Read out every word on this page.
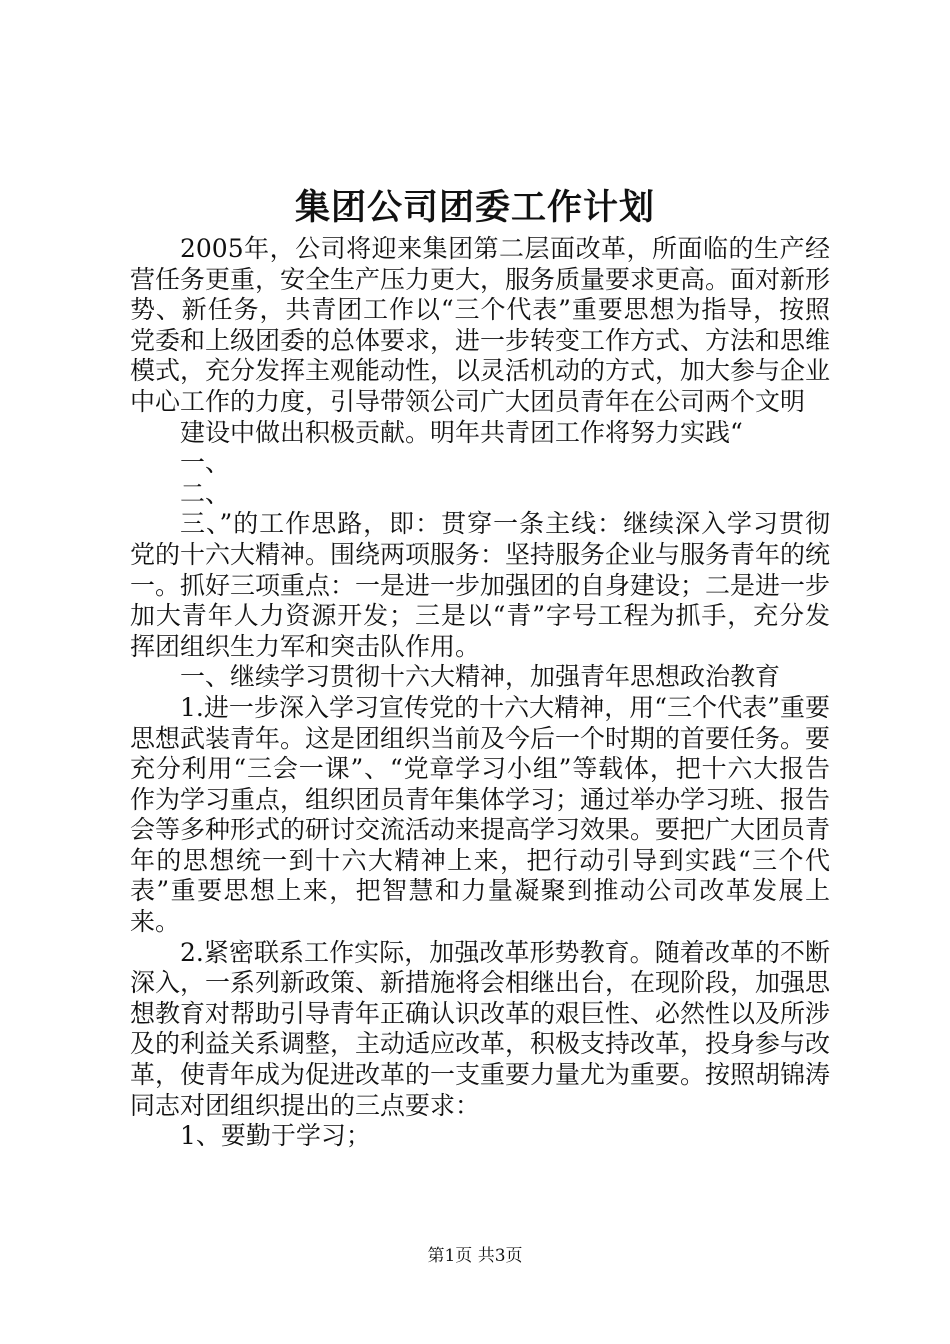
集团公司团委工作计划

2005年，公司将迎来集团第二层面改革，所面临的生产经营任务更重，安全生产压力更大，服务质量要求更高。面对新形势、新任务，共青团工作以“三个代表”重要思想为指导，按照党委和上级团委的总体要求，进一步转变工作方式、方法和思维模式，充分发挥主观能动性，以灵活机动的方式，加大参与企业中心工作的力度，引导带领公司广大团员青年在公司两个文明

建设中做出积极贡献。明年共青团工作将努力实践“

一、

二、

三、”的工作思路，即：贯穿一条主线：继续深入学习贯彻党的十六大精神。围绕两项服务：坚持服务企业与服务青年的统一。抓好三项重点：一是进一步加强团的自身建设；二是进一步加大青年人力资源开发；三是以“青”字号工程为抓手，充分发挥团组织生力军和突击队作用。

一、继续学习贯彻十六大精神，加强青年思想政治教育

1.进一步深入学习宣传党的十六大精神，用“三个代表”重要思想武装青年。这是团组织当前及今后一个时期的首要任务。要充分利用“三会一课”、“党章学习小组”等载体，把十六大报告作为学习重点，组织团员青年集体学习；通过举办学习班、报告会等多种形式的研讨交流活动来提高学习效果。要把广大团员青年的思想统一到十六大精神上来，把行动引导到实践“三个代表”重要思想上来，把智慧和力量凝聚到推动公司改革发展上来。

2.紧密联系工作实际，加强改革形势教育。随着改革的不断深入，一系列新政策、新措施将会相继出台，在现阶段，加强思想教育对帮助引导青年正确认识改革的艰巨性、必然性以及所涉及的利益关系调整，主动适应改革，积极支持改革，投身参与改革，使青年成为促进改革的一支重要力量尤为重要。按照胡锦涛同志对团组织提出的三点要求：

1、要勤于学习；

第1页 共3页
